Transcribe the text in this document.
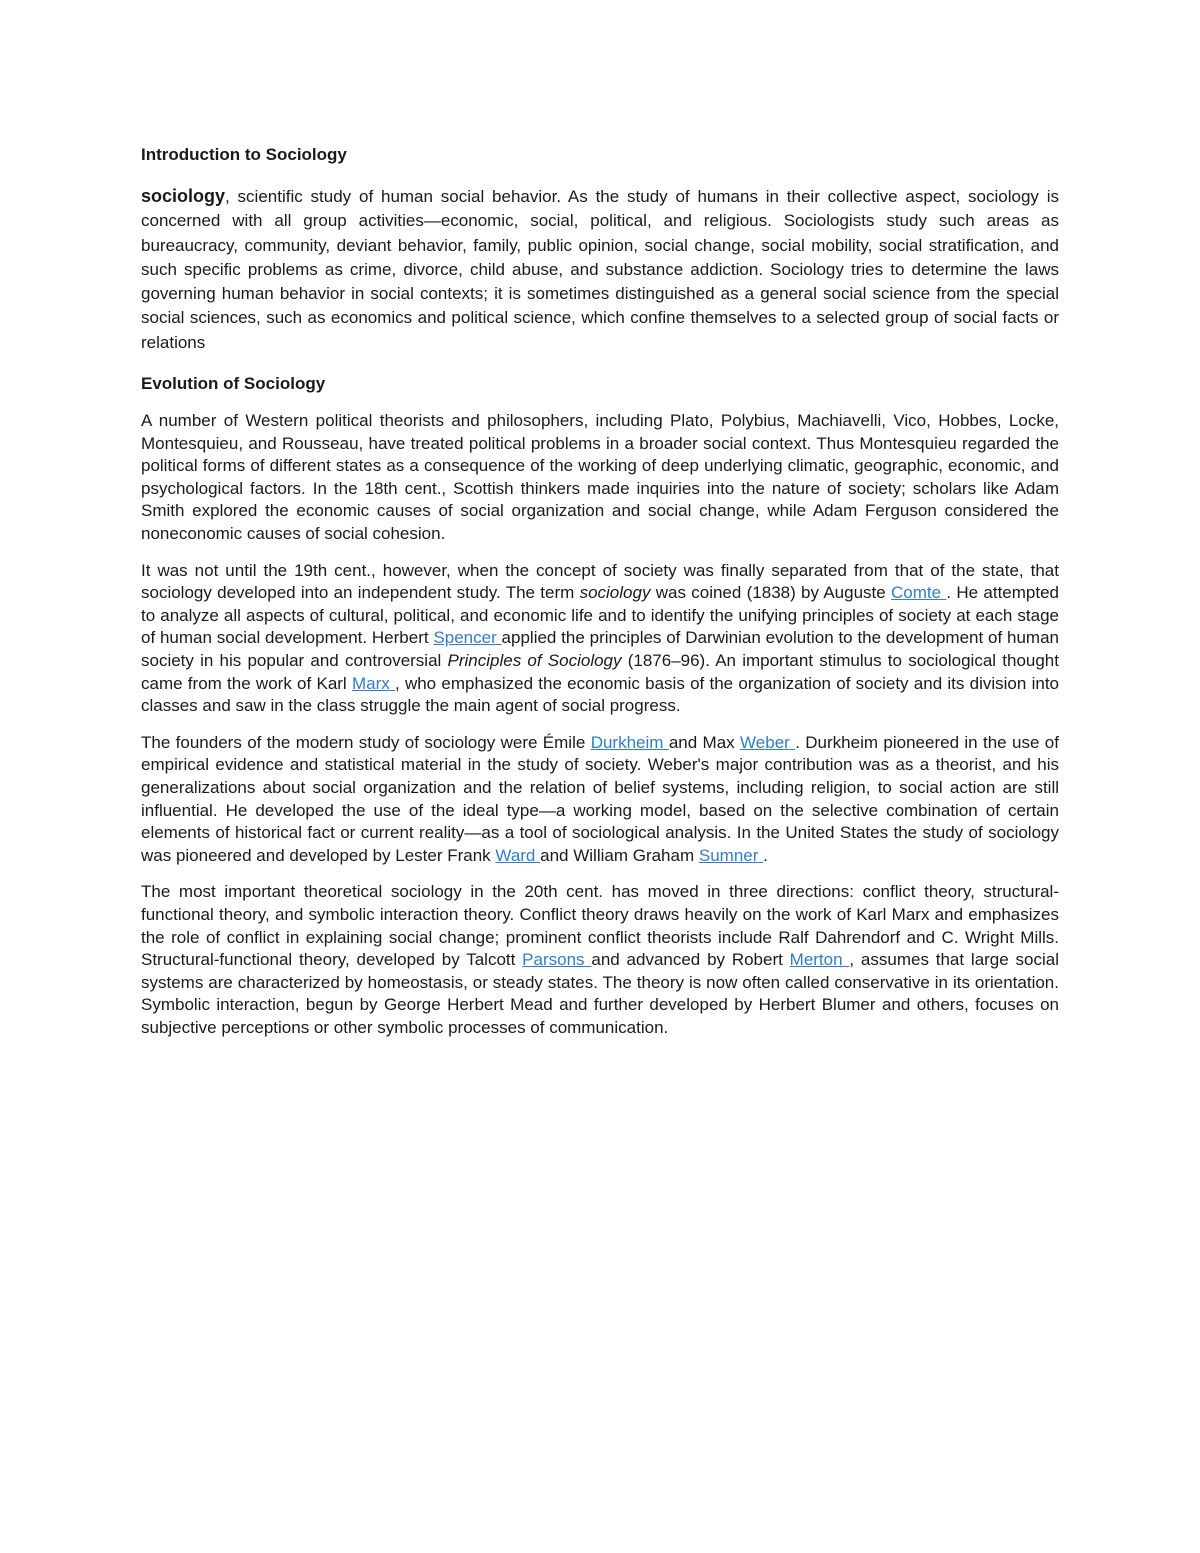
Introduction to Sociology

sociology, scientific study of human social behavior. As the study of humans in their collective aspect, sociology is concerned with all group activities—economic, social, political, and religious. Sociologists study such areas as bureaucracy, community, deviant behavior, family, public opinion, social change, social mobility, social stratification, and such specific problems as crime, divorce, child abuse, and substance addiction. Sociology tries to determine the laws governing human behavior in social contexts; it is sometimes distinguished as a general social science from the special social sciences, such as economics and political science, which confine themselves to a selected group of social facts or relations

Evolution of Sociology

A number of Western political theorists and philosophers, including Plato, Polybius, Machiavelli, Vico, Hobbes, Locke, Montesquieu, and Rousseau, have treated political problems in a broader social context. Thus Montesquieu regarded the political forms of different states as a consequence of the working of deep underlying climatic, geographic, economic, and psychological factors. In the 18th cent., Scottish thinkers made inquiries into the nature of society; scholars like Adam Smith explored the economic causes of social organization and social change, while Adam Ferguson considered the noneconomic causes of social cohesion.

It was not until the 19th cent., however, when the concept of society was finally separated from that of the state, that sociology developed into an independent study. The term sociology was coined (1838) by Auguste Comte . He attempted to analyze all aspects of cultural, political, and economic life and to identify the unifying principles of society at each stage of human social development. Herbert Spencer applied the principles of Darwinian evolution to the development of human society in his popular and controversial Principles of Sociology (1876–96). An important stimulus to sociological thought came from the work of Karl Marx , who emphasized the economic basis of the organization of society and its division into classes and saw in the class struggle the main agent of social progress.

The founders of the modern study of sociology were Émile Durkheim and Max Weber . Durkheim pioneered in the use of empirical evidence and statistical material in the study of society. Weber's major contribution was as a theorist, and his generalizations about social organization and the relation of belief systems, including religion, to social action are still influential. He developed the use of the ideal type—a working model, based on the selective combination of certain elements of historical fact or current reality—as a tool of sociological analysis. In the United States the study of sociology was pioneered and developed by Lester Frank Ward and William Graham Sumner .

The most important theoretical sociology in the 20th cent. has moved in three directions: conflict theory, structural-functional theory, and symbolic interaction theory. Conflict theory draws heavily on the work of Karl Marx and emphasizes the role of conflict in explaining social change; prominent conflict theorists include Ralf Dahrendorf and C. Wright Mills. Structural-functional theory, developed by Talcott Parsons and advanced by Robert Merton , assumes that large social systems are characterized by homeostasis, or steady states. The theory is now often called conservative in its orientation. Symbolic interaction, begun by George Herbert Mead and further developed by Herbert Blumer and others, focuses on subjective perceptions or other symbolic processes of communication.
